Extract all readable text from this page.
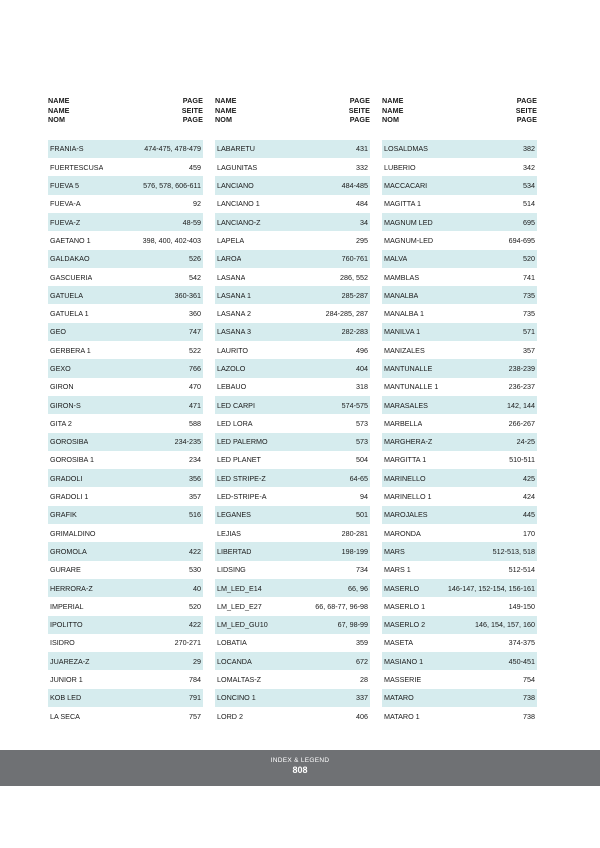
NAME
NAME
NOM
PAGE
SEITE
PAGE
FRANIA-S	474-475, 478-479
FUERTESCUSA	459
FUEVA 5	576, 578, 606-611
FUEVA-A	92
FUEVA-Z	48-59
GAETANO 1	398, 400, 402-403
GALDAKAO	526
GASCUERIA	542
GATUELA	360-361
GATUELA 1	360
GEO	747
GERBERA 1	522
GEXO	766
GIRON	470
GIRON-S	471
GITA 2	588
GOROSIBA	234-235
GOROSIBA 1	234
GRADOLI	356
GRADOLI 1	357
GRAFIK	516
GRIMALDINO
GROMOLA	422
GURARE	530
HERRORA-Z	40
IMPERIAL	520
IPOLITTO	422
ISIDRO	270-271
JUAREZA-Z	29
JUNIOR 1	784
KOB LED	791
LA SECA	757
NAME
NAME
NOM
PAGE
SEITE
PAGE
LABARETU	431
LAGUNITAS	332
LANCIANO	484-485
LANCIANO 1	484
LANCIANO-Z	34
LAPELA	295
LAROA	760-761
LASANA	286, 552
LASANA 1	285-287
LASANA 2	284-285, 287
LASANA 3	282-283
LAURITO	496
LAZOLO	404
LEBAUO	318
LED CARPI	574-575
LED LORA	573
LED PALERMO	573
LED PLANET	504
LED STRIPE-Z	64-65
LED-STRIPE-A	94
LEGANES	501
LEJIAS	280-281
LIBERTAD	198-199
LIDSING	734
LM_LED_E14	66, 96
LM_LED_E27	66, 68-77, 96-98
LM_LED_GU10	67, 98-99
LOBATIA	359
LOCANDA	672
LOMALTAS-Z	28
LONCINO 1	337
LORD 2	406
NAME
NAME
NOM
PAGE
SEITE
PAGE
LOSALDMAS	382
LUBERIO	342
MACCACARI	534
MAGITTA 1	514
MAGNUM LED	695
MAGNUM-LED	694-695
MALVA	520
MAMBLAS	741
MANALBA	735
MANALBA 1	735
MANILVA 1	571
MANIZALES	357
MANTUNALLE	238-239
MANTUNALLE 1	236-237
MARASALES	142, 144
MARBELLA	266-267
MARGHERA-Z	24-25
MARGITTA 1	510-511
MARINELLO	425
MARINELLO 1	424
MAROJALES	445
MARONDA	170
MARS	512-513, 518
MARS 1	512-514
MASERLO	146-147, 152-154, 156-161
MASERLO 1	149-150
MASERLO 2	146, 154, 157, 160
MASETA	374-375
MASIANO 1	450-451
MASSERIE	754
MATARO	738
MATARO 1	738
INDEX & LEGEND
808
